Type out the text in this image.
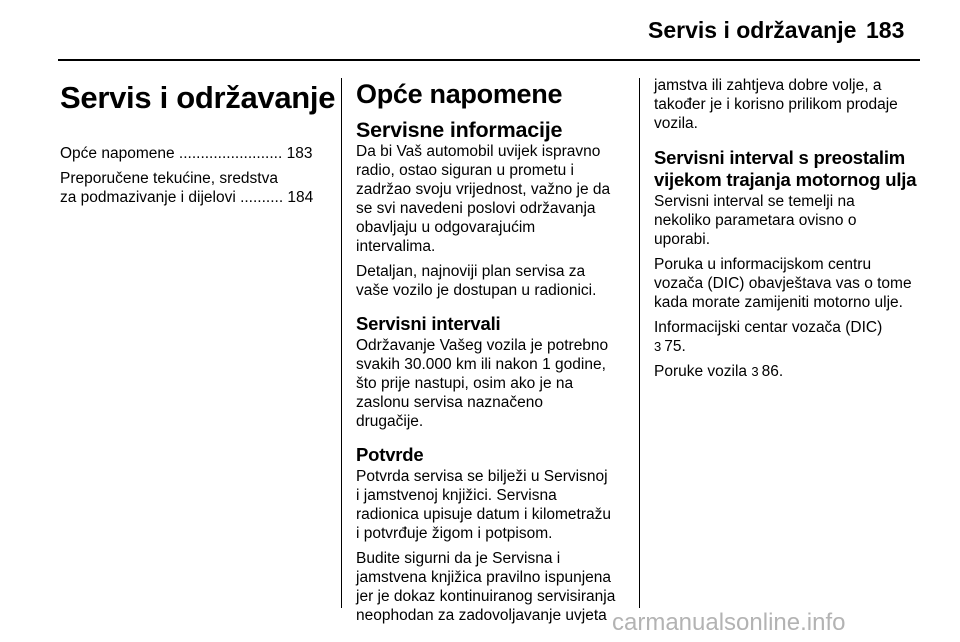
Servis i održavanje 183
Servis i održavanje
Opće napomene ........................ 183
Preporučene tekućine, sredstva
za podmazivanje i dijelovi .......... 184
Opće napomene
Servisne informacije
Da bi Vaš automobil uvijek ispravno
radio, ostao siguran u prometu i
zadržao svoju vrijednost, važno je da
se svi navedeni poslovi održavanja
obavljaju u odgovarajućim
intervalima.
Detaljan, najnoviji plan servisa za
vaše vozilo je dostupan u radionici.
Servisni intervali
Održavanje Vašeg vozila je potrebno
svakih 30.000 km ili nakon 1 godine,
što prije nastupi, osim ako je na
zaslonu servisa naznačeno
drugačije.
Potvrde
Potvrda servisa se bilježi u Servisnoj
i jamstvenoj knjižici. Servisna
radionica upisuje datum i kilometražu
i potvrđuje žigom i potpisom.
Budite sigurni da je Servisna i
jamstvena knjižica pravilno ispunjena
jer je dokaz kontinuiranog servisiranja
neophodan za zadovoljavanje uvjeta
jamstva ili zahtjeva dobre volje, a
također je i korisno prilikom prodaje
vozila.
Servisni interval s preostalim
vijekom trajanja motornog ulja
Servisni interval se temelji na
nekoliko parametara ovisno o
uporabi.
Poruka u informacijskom centru
vozača (DIC) obavještava vas o tome
kada morate zamijeniti motorno ulje.
Informacijski centar vozača (DIC)
3 75.
Poruke vozila 3 86.
carmanualsonline.info
